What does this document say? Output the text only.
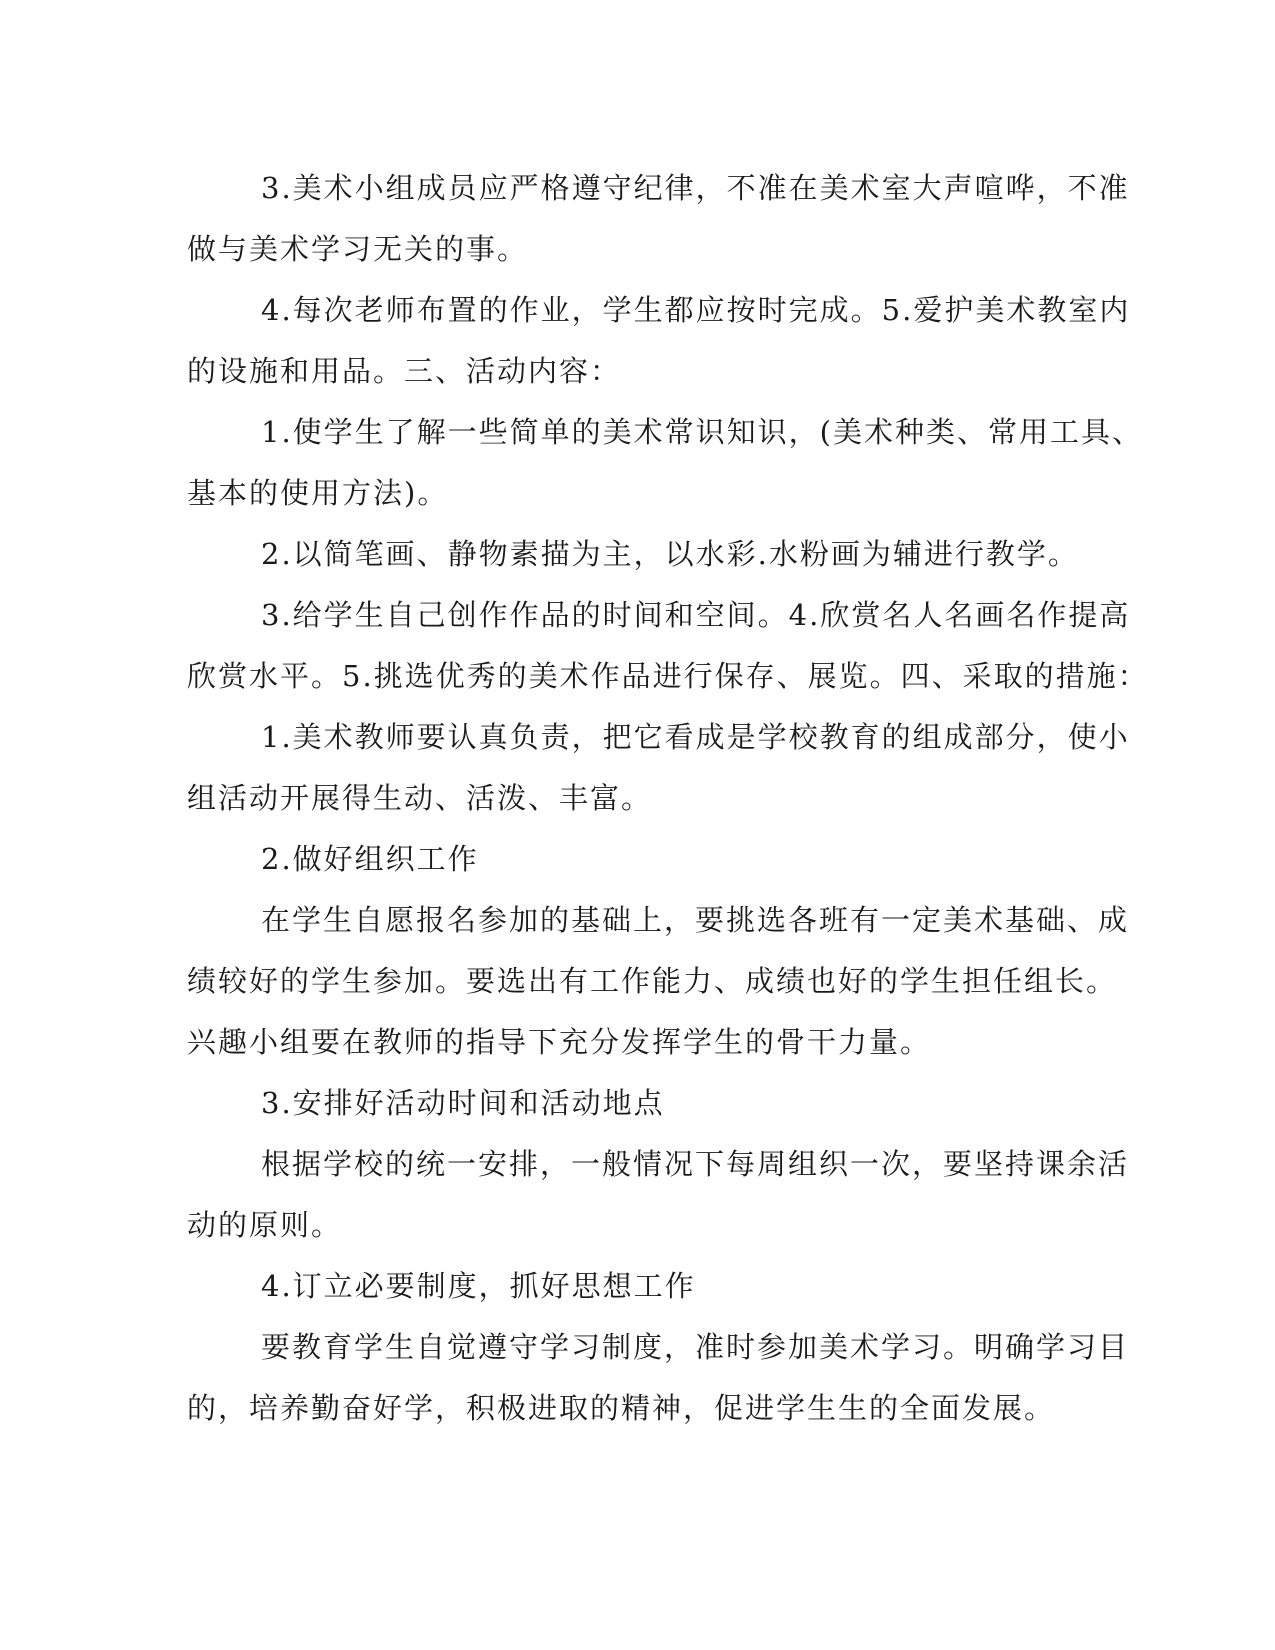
3.美术小组成员应严格遵守纪律，不准在美术室大声喧哗，不准
做与美术学习无关的事。
4.每次老师布置的作业，学生都应按时完成。5.爱护美术教室内
的设施和用品。三、活动内容：
1.使学生了解一些简单的美术常识知识，(美术种类、常用工具、
基本的使用方法)。
2.以简笔画、静物素描为主，以水彩.水粉画为辅进行教学。
3.给学生自己创作作品的时间和空间。4.欣赏名人名画名作提高
欣赏水平。5.挑选优秀的美术作品进行保存、展览。四、采取的措施：
1.美术教师要认真负责，把它看成是学校教育的组成部分，使小
组活动开展得生动、活泼、丰富。
2.做好组织工作
在学生自愿报名参加的基础上，要挑选各班有一定美术基础、成
绩较好的学生参加。要选出有工作能力、成绩也好的学生担任组长。
兴趣小组要在教师的指导下充分发挥学生的骨干力量。
3.安排好活动时间和活动地点
根据学校的统一安排，一般情况下每周组织一次，要坚持课余活
动的原则。
4.订立必要制度，抓好思想工作
要教育学生自觉遵守学习制度，准时参加美术学习。明确学习目
的，培养勤奋好学，积极进取的精神，促进学生生的全面发展。
